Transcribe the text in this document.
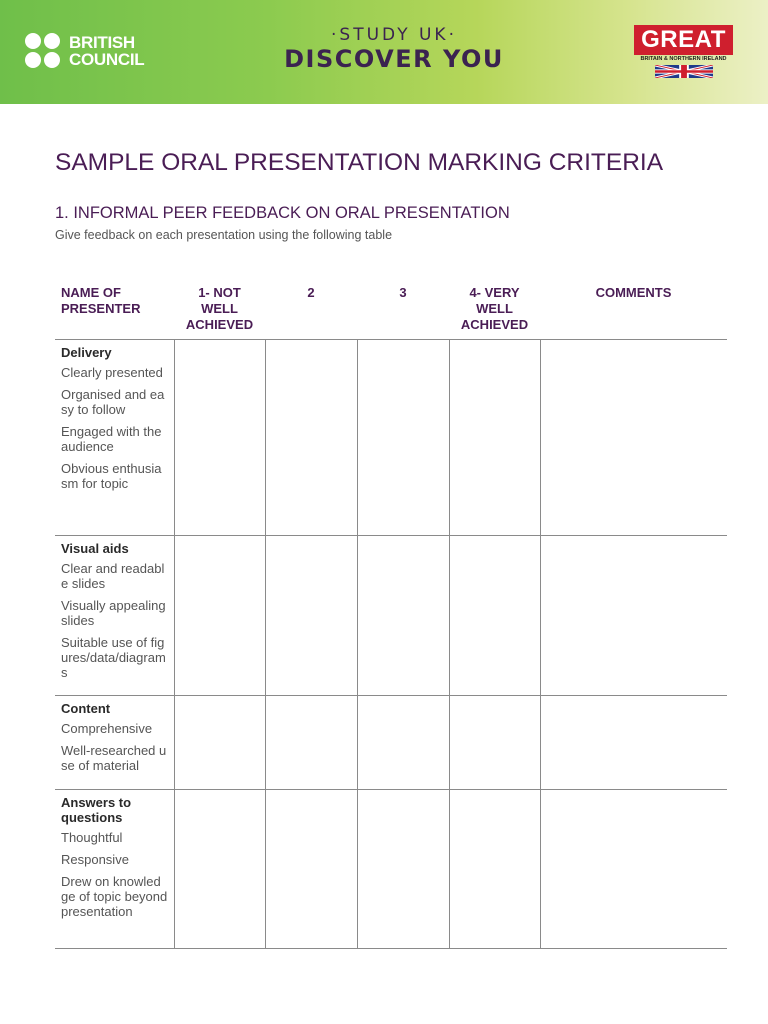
BRITISH
COUNCIL
·STUDY UK·
DISCOVER YOU
GREAT
BRITAIN & NORTHERN IRELAND
SAMPLE ORAL PRESENTATION MARKING CRITERIA
1. INFORMAL PEER FEEDBACK ON ORAL PRESENTATION
Give feedback on each presentation using the following table
NAME OF PRESENTER	1- NOT WELL ACHIEVED	2	3	4- VERY WELL ACHIEVED	COMMENTS

Delivery
Clearly presented
Organised and easy to follow
Engaged with the audience
Obvious enthusiasm for topic					

Visual aids
Clear and readable slides
Visually appealing slides
Suitable use of figures/data/diagrams					

Content
Comprehensive
Well-researched use of material					

Answers to questions
Thoughtful
Responsive
Drew on knowledge of topic beyond presentation					
